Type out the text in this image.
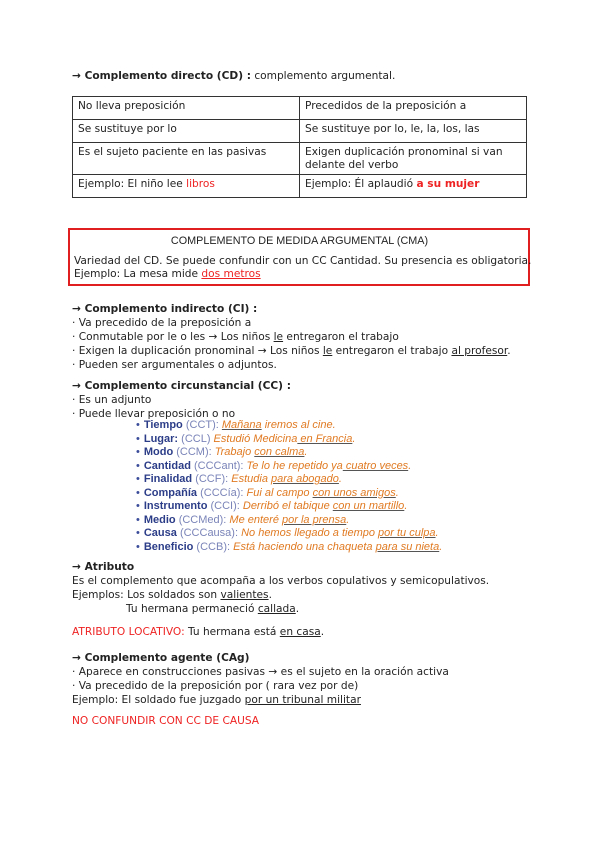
→ Complemento directo (CD) : complemento argumental.
No lleva preposición	Precedidos de la preposición a
Se sustituye por lo	Se sustituye por lo, le, la, los, las
Es el sujeto paciente en las pasivas	Exigen duplicación pronominal si van delante del verbo
Ejemplo: El niño lee libros	Ejemplo: Él aplaudió a su mujer
COMPLEMENTO DE MEDIDA ARGUMENTAL (CMA)
Variedad del CD. Se puede confundir con un CC Cantidad. Su presencia es obligatoria.
Ejemplo: La mesa mide dos metros
→ Complemento indirecto (CI) :
· Va precedido de la preposición a
· Conmutable por le o les → Los niños le entregaron el trabajo
· Exigen la duplicación pronominal → Los niños le entregaron el trabajo al profesor.
· Pueden ser argumentales o adjuntos.
→ Complemento circunstancial (CC) :
· Es un adjunto
· Puede llevar preposición o no
• Tiempo (CCT): Mañana iremos al cine.
• Lugar: (CCL) Estudió Medicina en Francia.
• Modo (CCM): Trabajo con calma.
• Cantidad (CCCant): Te lo he repetido ya cuatro veces.
• Finalidad (CCF): Estudia para abogado.
• Compañía (CCCía): Fui al campo con unos amigos.
• Instrumento (CCI): Derribó el tabique con un martillo.
• Medio (CCMed): Me enteré por la prensa.
• Causa (CCCausa): No hemos llegado a tiempo por tu culpa.
• Beneficio (CCB): Está haciendo una chaqueta para su nieta.
→ Atributo
Es el complemento que acompaña a los verbos copulativos y semicopulativos.
Ejemplos: Los soldados son valientes.
Tu hermana permaneció callada.
ATRIBUTO LOCATIVO: Tu hermana está en casa.
→ Complemento agente (CAg)
· Aparece en construcciones pasivas → es el sujeto en la oración activa
· Va precedido de la preposición por ( rara vez por de)
Ejemplo: El soldado fue juzgado por un tribunal militar
NO CONFUNDIR CON CC DE CAUSA
